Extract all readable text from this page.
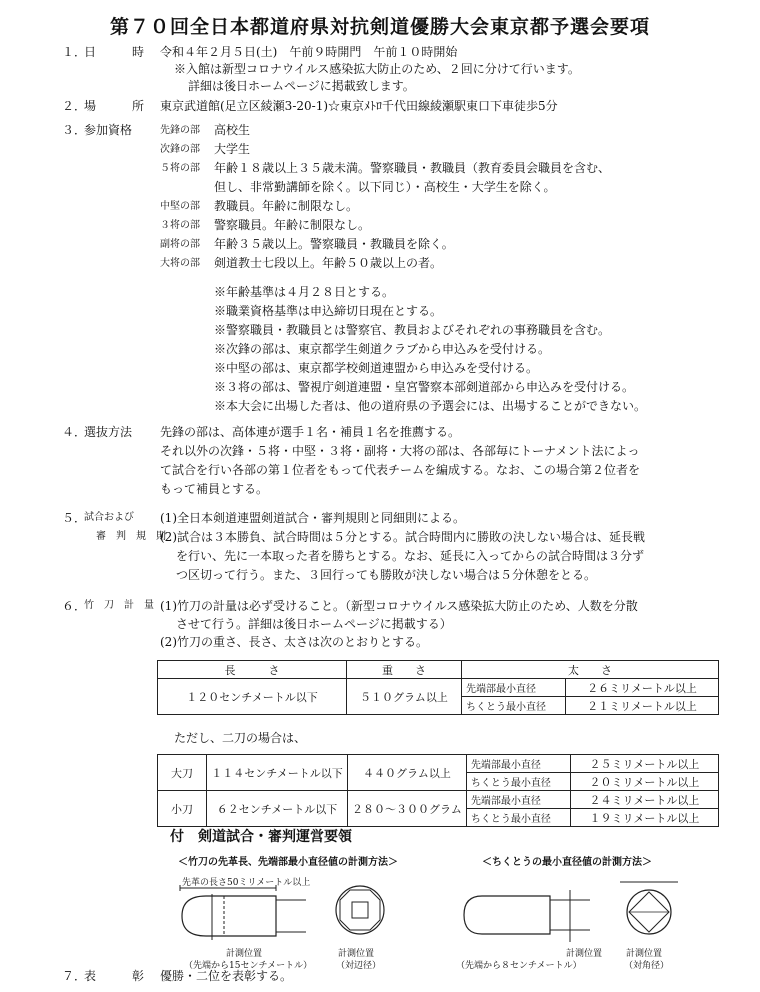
第７０回全日本都道府県対抗剣道優勝大会東京都予選会要項
１．
日　　　時 令和４年２月５日(土)　午前９時開門　午前１０時開始
※入館は新型コロナウイルス感染拡大防止のため、２回に分けて行います。
詳細は後日ホームページに掲載致します。
２．
場　　　所 東京武道館(足立区綾瀬3-20-1)☆東京ﾒﾄﾛ千代田線綾瀬駅東口下車徒歩5分
３．
参加資格	先鋒の部 高校生
次鋒の部 大学生
５将の部 年齢１８歳以上３５歳未満。警察職員・教職員（教育委員会職員を含む、
但し、非常勤講師を除く。以下同じ）・高校生・大学生を除く。
中堅の部 教職員。年齢に制限なし。
３将の部 警察職員。年齢に制限なし。
副将の部 年齢３５歳以上。警察職員・教職員を除く。
大将の部 剣道教士七段以上。年齢５０歳以上の者。
※年齢基準は４月２８日とする。
※職業資格基準は申込締切日現在とする。
※警察職員・教職員とは警察官、教員およびそれぞれの事務職員を含む。
※次鋒の部は、東京都学生剣道クラブから申込みを受付ける。
※中堅の部は、東京都学校剣道連盟から申込みを受付ける。
※３将の部は、警視庁剣道連盟・皇宮警察本部剣道部から申込みを受付ける。
※本大会に出場した者は、他の道府県の予選会には、出場することができない。
４．
選抜方法 先鋒の部は、高体連が選手１名・補員１名を推薦する。
それ以外の次鋒・５将・中堅・３将・副将・大将の部は、各部毎にトーナメント法によっ
て試合を行い各部の第１位者をもって代表チームを編成する。なお、この場合第２位者を
もって補員とする。
５．
試合および
審　判　規　則
(1)全日本剣道連盟剣道試合・審判規則と同細則による。
(2)試合は３本勝負、試合時間は５分とする。試合時間内に勝敗の決しない場合は、延長戦
を行い、先に一本取った者を勝ちとする。なお、延長に入ってからの試合時間は３分ず
つ区切って行う。また、３回行っても勝敗が決しない場合は５分休憩をとる。
６．
竹　刀　計　量 (1)竹刀の計量は必ず受けること。（新型コロナウイルス感染拡大防止のため、人数を分散
させて行う。詳細は後日ホームページに掲載する）
(2)竹刀の重さ、長さ、太さは次のとおりとする。
長　　　さ	重　　さ	太　　さ	
１２０センチメートル以下	５１０グラム以上	先端部最小直径	２６ミリメートル以上
		ちくとう最小直径	２１ミリメートル以上
ただし、二刀の場合は、
大刀	１１４センチメートル以下	４４０グラム以上	先端部最小直径	２５ミリメートル以上
			ちくとう最小直径	２０ミリメートル以上
小刀	６２センチメートル以下	２８０～３００グラム	先端部最小直径	２４ミリメートル以上
			ちくとう最小直径	１９ミリメートル以上
付　剣道試合・審判運営要領
＜竹刀の先革長、先端部最小直径値の計測方法＞
先革の長さ50ミリメートル以上
計測位置
（先端から15センチメートル）
計測位置
（対辺径）
＜ちくとうの最小直径値の計測方法＞
計測位置
（先端から８センチメートル）
計測位置
（対角径）
７．
表　　　彰 優勝・二位を表彰する。
